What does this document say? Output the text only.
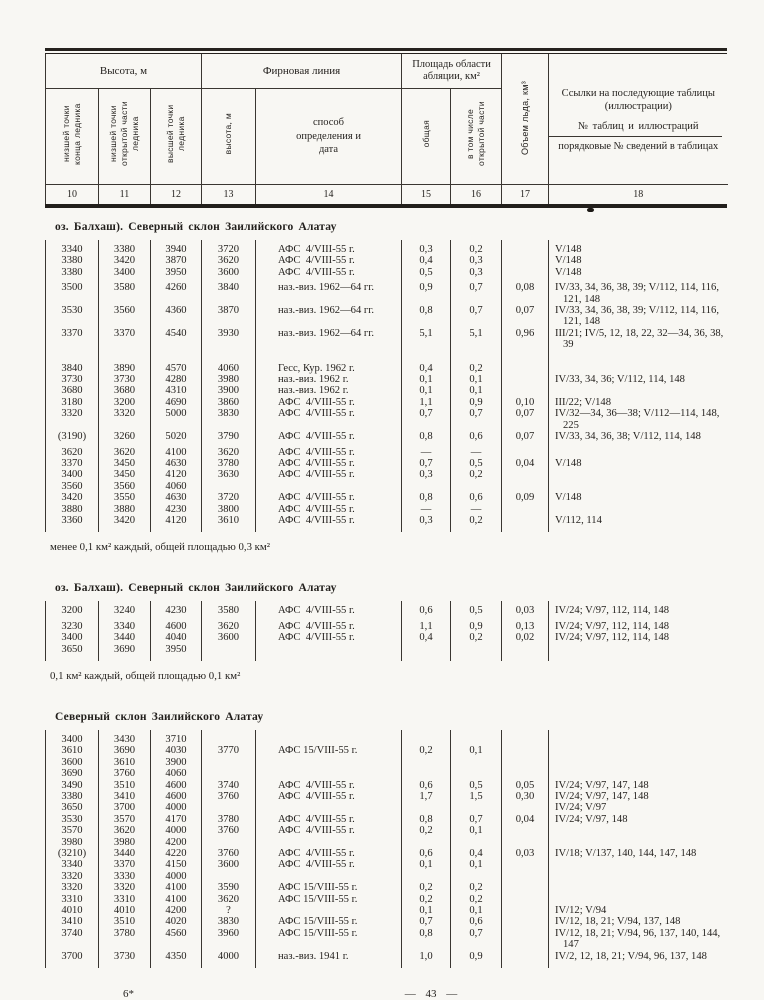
Высота, м			Фирновая линия		Площадь области абляции, км²		Объем льда, км³	Ссылки на последующие таблицы (иллюстрации)
№ таблиц и иллюстраций
порядковые № сведений в таблицах

низшей точки конца ледника	низшей точки открытой части ледника	высшей точки ледника	высота, м	способ определения и дата	общая	в том числе открытой части		
10	11	12	13	14	15	16	17	18
оз. Балхаш). Северный склон Заилийского Алатау
3340	3380	3940	3720	АФС  4/VIII-55 г.	0,3	0,2		V/148
3380	3420	3870	3620	АФС  4/VIII-55 г.	0,4	0,3		V/148
3380	3400	3950	3600	АФС  4/VIII-55 г.	0,5	0,3		V/148
3500	3580	4260	3840	наз.-виз. 1962—64 гг.	0,9	0,7	0,08	IV/33, 34, 36, 38, 39; V/112, 114, 116, 121, 148
3530	3560	4360	3870	наз.-виз. 1962—64 гг.	0,8	0,7	0,07	IV/33, 34, 36, 38, 39; V/112, 114, 116, 121, 148
3370	3370	4540	3930	наз.-виз. 1962—64 гг.	5,1	5,1	0,96	III/21; IV/5, 12, 18, 22, 32—34, 36, 38, 39
3840	3890	4570	4060	Гесс, Кур. 1962 г.	0,4	0,2		
3730	3730	4280	3980	наз.-виз. 1962 г.	0,1	0,1		IV/33, 34, 36; V/112, 114, 148
3680	3680	4310	3900	наз.-виз. 1962 г.	0,1	0,1		
3180	3200	4690	3860	АФС  4/VIII-55 г.	1,1	0,9	0,10	III/22; V/148
3320	3320	5000	3830	АФС  4/VIII-55 г.	0,7	0,7	0,07	IV/32—34, 36—38; V/112—114, 148, 225
(3190)	3260	5020	3790	АФС  4/VIII-55 г.	0,8	0,6	0,07	IV/33, 34, 36, 38; V/112, 114, 148
3620	3620	4100	3620	АФС  4/VIII-55 г.	—	—		
3370	3450	4630	3780	АФС  4/VIII-55 г.	0,7	0,5	0,04	V/148
3400	3450	4120	3630	АФС  4/VIII-55 г.	0,3	0,2		
3560	3560	4060						
3420	3550	4630	3720	АФС  4/VIII-55 г.	0,8	0,6	0,09	V/148
3880	3880	4230	3800	АФС  4/VIII-55 г.	—	—		
3360	3420	4120	3610	АФС  4/VIII-55 г.	0,3	0,2		V/112, 114
менее 0,1 км² каждый, общей площадью 0,3 км²
оз. Балхаш). Северный склон Заилийского Алатау
3200	3240	4230	3580	АФС  4/VIII-55 г.	0,6	0,5	0,03	IV/24; V/97, 112, 114, 148
3230	3340	4600	3620	АФС  4/VIII-55 г.	1,1	0,9	0,13	IV/24; V/97, 112, 114, 148
3400	3440	4040	3600	АФС  4/VIII-55 г.	0,4	0,2	0,02	IV/24; V/97, 112, 114, 148
3650	3690	3950						
0,1 км² каждый, общей площадью 0,1 км²
Северный склон Заилийского Алатау
3400	3430	3710						
3610	3690	4030	3770	АФС 15/VIII-55 г.	0,2	0,1		
3600	3610	3900						
3690	3760	4060						
3490	3510	4600	3740	АФС  4/VIII-55 г.	0,6	0,5	0,05	IV/24; V/97, 147, 148
3380	3410	4600	3760	АФС  4/VIII-55 г.	1,7	1,5	0,30	IV/24; V/97, 147, 148
3650	3700	4000						IV/24; V/97
3530	3570	4170	3780	АФС  4/VIII-55 г.	0,8	0,7	0,04	IV/24; V/97, 148
3570	3620	4000	3760	АФС  4/VIII-55 г.	0,2	0,1		
3980	3980	4200						
(3210)	3440	4220	3760	АФС  4/VIII-55 г.	0,6	0,4	0,03	IV/18; V/137, 140, 144, 147, 148
3340	3370	4150	3600	АФС  4/VIII-55 г.	0,1	0,1		
3320	3330	4000						
3320	3320	4100	3590	АФС 15/VIII-55 г.	0,2	0,2		
3310	3310	4100	3620	АФС 15/VIII-55 г.	0,2	0,2		
4010	4010	4200	?		0,1	0,1		IV/12; V/94
3410	3510	4020	3830	АФС 15/VIII-55 г.	0,7	0,6		IV/12, 18, 21; V/94, 137, 148
3740	3780	4560	3960	АФС 15/VIII-55 г.	0,8	0,7		IV/12, 18, 21; V/94, 96, 137, 140, 144, 147
3700	3730	4350	4000	наз.-виз. 1941 г.	1,0	0,9		IV/2, 12, 18, 21; V/94, 96, 137, 148
6*	— 43 —
